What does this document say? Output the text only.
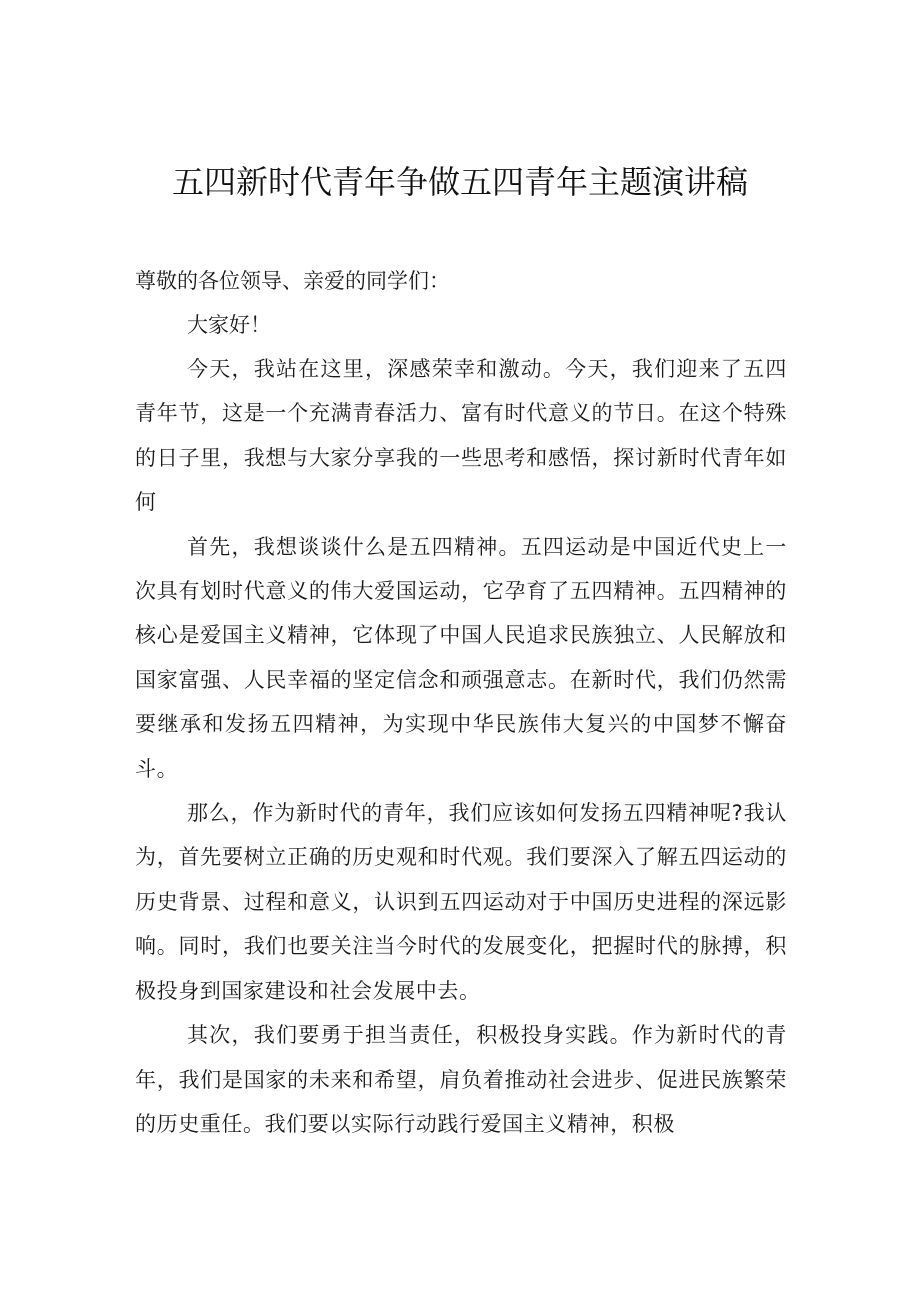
五四新时代青年争做五四青年主题演讲稿

尊敬的各位领导、亲爱的同学们：

大家好！

今天，我站在这里，深感荣幸和激动。今天，我们迎来了五四青年节，这是一个充满青春活力、富有时代意义的节日。在这个特殊的日子里，我想与大家分享我的一些思考和感悟，探讨新时代青年如何

首先，我想谈谈什么是五四精神。五四运动是中国近代史上一次具有划时代意义的伟大爱国运动，它孕育了五四精神。五四精神的核心是爱国主义精神，它体现了中国人民追求民族独立、人民解放和国家富强、人民幸福的坚定信念和顽强意志。在新时代，我们仍然需要继承和发扬五四精神，为实现中华民族伟大复兴的中国梦不懈奋斗。

那么，作为新时代的青年，我们应该如何发扬五四精神呢?我认为，首先要树立正确的历史观和时代观。我们要深入了解五四运动的历史背景、过程和意义，认识到五四运动对于中国历史进程的深远影响。同时，我们也要关注当今时代的发展变化，把握时代的脉搏，积极投身到国家建设和社会发展中去。

其次，我们要勇于担当责任，积极投身实践。作为新时代的青年，我们是国家的未来和希望，肩负着推动社会进步、促进民族繁荣的历史重任。我们要以实际行动践行爱国主义精神，积极
